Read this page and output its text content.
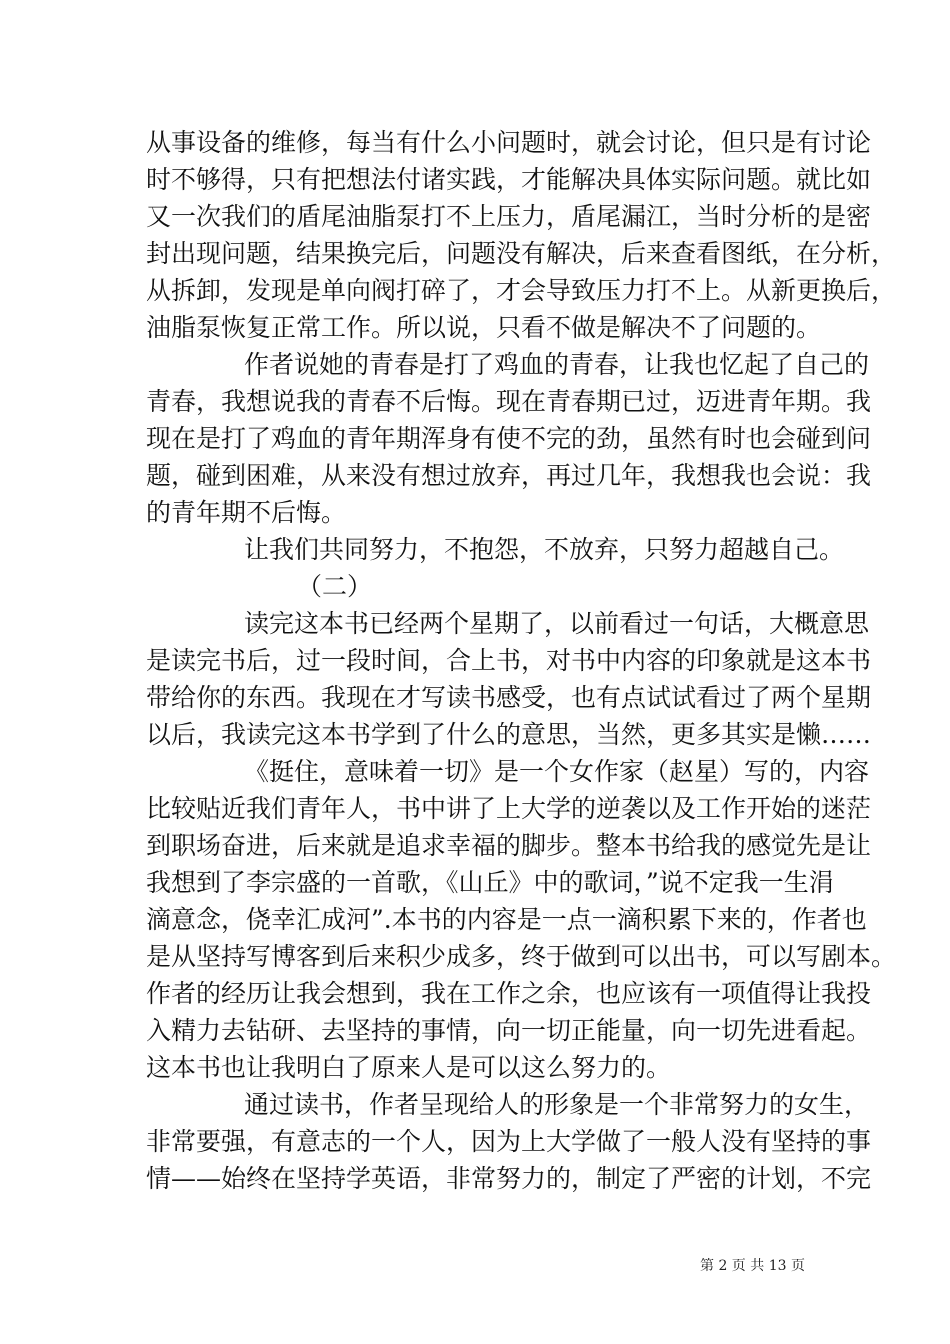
从事设备的维修，每当有什么小问题时，就会讨论，但只是有讨论
时不够得，只有把想法付诸实践，才能解决具体实际问题。就比如
又一次我们的盾尾油脂泵打不上压力，盾尾漏江，当时分析的是密
封出现问题，结果换完后，问题没有解决，后来查看图纸，在分析，
从拆卸，发现是单向阀打碎了，才会导致压力打不上。从新更换后，
油脂泵恢复正常工作。所以说，只看不做是解决不了问题的。
作者说她的青春是打了鸡血的青春，让我也忆起了自己的
青春，我想说我的青春不后悔。现在青春期已过，迈进青年期。我
现在是打了鸡血的青年期浑身有使不完的劲，虽然有时也会碰到问
题，碰到困难，从来没有想过放弃，再过几年，我想我也会说：我
的青年期不后悔。
让我们共同努力，不抱怨，不放弃，只努力超越自己。
（二）
读完这本书已经两个星期了，以前看过一句话，大概意思
是读完书后，过一段时间，合上书，对书中内容的印象就是这本书
带给你的东西。我现在才写读书感受，也有点试试看过了两个星期
以后，我读完这本书学到了什么的意思，当然，更多其实是懒……
《挺住，意味着一切》是一个女作家（赵星）写的，内容
比较贴近我们青年人，书中讲了上大学的逆袭以及工作开始的迷茫
到职场奋进，后来就是追求幸福的脚步。整本书给我的感觉先是让
我想到了李宗盛的一首歌，《山丘》中的歌词，”说不定我一生涓
滴意念，侥幸汇成河”.本书的内容是一点一滴积累下来的，作者也
是从坚持写博客到后来积少成多，终于做到可以出书，可以写剧本。
作者的经历让我会想到，我在工作之余，也应该有一项值得让我投
入精力去钻研、去坚持的事情，向一切正能量，向一切先进看起。
这本书也让我明白了原来人是可以这么努力的。
通过读书，作者呈现给人的形象是一个非常努力的女生，
非常要强，有意志的一个人，因为上大学做了一般人没有坚持的事
情——始终在坚持学英语，非常努力的，制定了严密的计划，不完
第 2 页 共 13 页
